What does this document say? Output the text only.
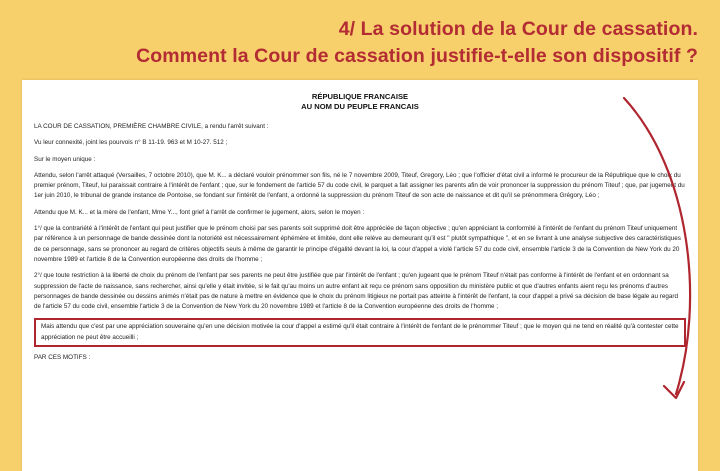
4/ La solution de la Cour de cassation.
Comment la Cour de cassation justifie-t-elle son dispositif ?
RÉPUBLIQUE FRANCAISE
AU NOM DU PEUPLE FRANCAIS

LA COUR DE CASSATION, PREMIÈRE CHAMBRE CIVILE, a rendu l'arrêt suivant :

Vu leur connexité, joint les pourvois n° B 11-19. 963 et M 10-27. 512 ;

Sur le moyen unique :

Attendu, selon l'arrêt attaqué (Versailles, 7 octobre 2010), que M. K... a déclaré vouloir prénommer son fils, né le 7 novembre 2009, Titeuf, Gregory, Léo ; que l'officier d'état civil a informé le procureur de la République que le choix du premier prénom, Titeuf, lui paraissait contraire à l'intérêt de l'enfant ; que, sur le fondement de l'article 57 du code civil, le parquet a fait assigner les parents afin de voir prononcer la suppression du prénom Titeuf ; que, par jugement du 1er juin 2010, le tribunal de grande instance de Pontoise, se fondant sur l'intérêt de l'enfant, a ordonné la suppression du prénom Titeuf de son acte de naissance et dit qu'il se prénommera Grégory, Léo ;

Attendu que M. K... et la mère de l'enfant, Mme Y..., font grief à l'arrêt de confirmer le jugement, alors, selon le moyen :

1°/ que la contrariété à l'intérêt de l'enfant qui peut justifier que le prénom choisi par ses parents soit supprimé doit être appréciée de façon objective ; qu'en appréciant la conformité à l'intérêt de l'enfant du prénom Titeuf uniquement par référence à un personnage de bande dessinée dont la notoriété est nécessairement éphémère et limitée, dont elle relève au demeurant qu'il est " plutôt sympathique ", et en se livrant à une analyse subjective des caractéristiques de ce personnage, sans se prononcer au regard de critères objectifs seuls à même de garantir le principe d'égalité devant la loi, la cour d'appel a violé l'article 57 du code civil, ensemble l'article 3 de la Convention de New York du 20 novembre 1989 et l'article 8 de la Convention européenne des droits de l'homme ;

2°/ que toute restriction à la liberté de choix du prénom de l'enfant par ses parents ne peut être justifiée que par l'intérêt de l'enfant ; qu'en jugeant que le prénom Titeuf n'était pas conforme à l'intérêt de l'enfant et en ordonnant sa suppression de l'acte de naissance, sans rechercher, ainsi qu'elle y était invitée, si le fait qu'au moins un autre enfant ait reçu ce prénom sans opposition du ministère public et que d'autres enfants aient reçu les prénoms d'autres personnages de bande dessinée ou dessins animés n'était pas de nature à mettre en évidence que le choix du prénom litigieux ne portait pas atteinte à l'intérêt de l'enfant, la cour d'appel a privé sa décision de base légale au regard de l'article 57 du code civil, ensemble l'article 3 de la Convention de New York du 20 novembre 1989 et l'article 8 de la Convention européenne des droits de l'homme ;

Mais attendu que c'est par une appréciation souveraine qu'en une décision motivée la cour d'appel a estimé qu'il était contraire à l'intérêt de l'enfant de le prénommer Titeuf ; que le moyen qui ne tend en réalité qu'à contester cette appréciation ne peut être accueilli ;

PAR CES MOTIFS :
